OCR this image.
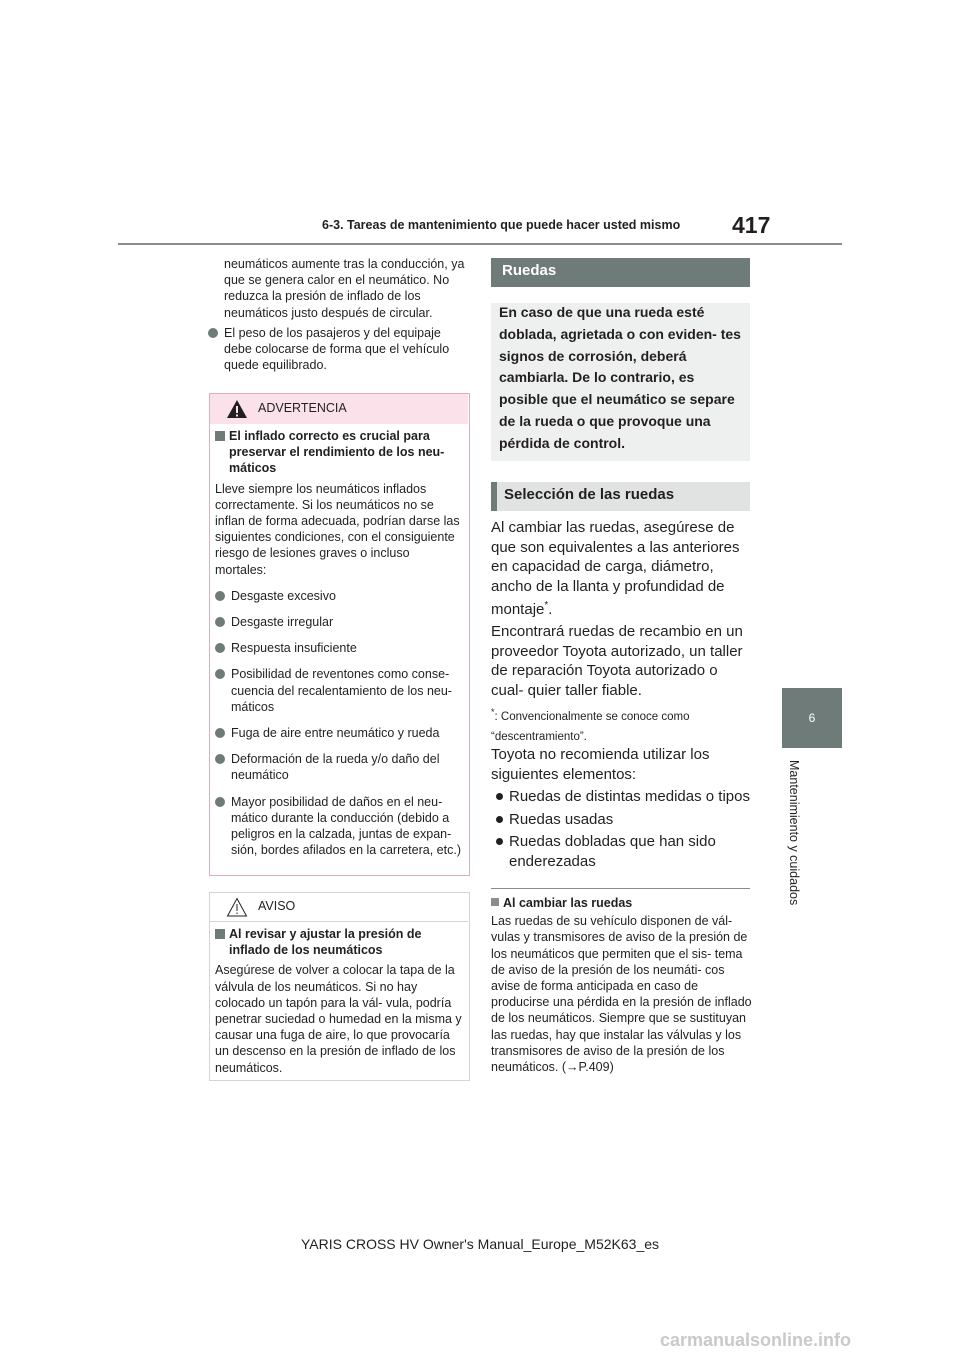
6-3. Tareas de mantenimiento que puede hacer usted mismo 417
6
Mantenimiento y cuidados
neumáticos aumente tras la conducción, ya que se genera calor en el neumático. No reduzca la presión de inflado de los neumáticos justo después de circular.
El peso de los pasajeros y del equipaje debe colocarse de forma que el vehículo quede equilibrado.
ADVERTENCIA
El inflado correcto es crucial para preservar el rendimiento de los neu- máticos
Lleve siempre los neumáticos inflados correctamente. Si los neumáticos no se inflan de forma adecuada, podrían darse las siguientes condiciones, con el consiguiente riesgo de lesiones graves o incluso mortales:
Desgaste excesivo
Desgaste irregular
Respuesta insuficiente
Posibilidad de reventones como conse- cuencia del recalentamiento de los neu- máticos
Fuga de aire entre neumático y rueda
Deformación de la rueda y/o daño del neumático
Mayor posibilidad de daños en el neu- mático durante la conducción (debido a peligros en la calzada, juntas de expan- sión, bordes afilados en la carretera, etc.)
AVISO
Al revisar y ajustar la presión de inflado de los neumáticos
Asegúrese de volver a colocar la tapa de la válvula de los neumáticos. Si no hay colocado un tapón para la vál- vula, podría penetrar suciedad o humedad en la misma y causar una fuga de aire, lo que provocaría un descenso en la presión de inflado de los neumáticos.
Ruedas
En caso de que una rueda esté doblada, agrietada o con eviden- tes signos de corrosión, deberá cambiarla. De lo contrario, es posible que el neumático se separe de la rueda o que provoque una pérdida de control.
Selección de las ruedas
Al cambiar las ruedas, asegúrese de que son equivalentes a las anteriores en capacidad de carga, diámetro, ancho de la llanta y profundidad de montaje*.
Encontrará ruedas de recambio en un proveedor Toyota autorizado, un taller de reparación Toyota autorizado o cual- quier taller fiable.
*: Convencionalmente se conoce como “descentramiento”.
Toyota no recomienda utilizar los siguientes elementos:
Ruedas de distintas medidas o tipos
Ruedas usadas
Ruedas dobladas que han sido enderezadas
Al cambiar las ruedas
Las ruedas de su vehículo disponen de vál- vulas y transmisores de aviso de la presión de los neumáticos que permiten que el sis- tema de aviso de la presión de los neumáti- cos avise de forma anticipada en caso de producirse una pérdida en la presión de inflado de los neumáticos. Siempre que se sustituyan las ruedas, hay que instalar las válvulas y los transmisores de aviso de la presión de los neumáticos. (→P.409)
YARIS CROSS HV Owner's Manual_Europe_M52K63_es
carmanualsonline.info
